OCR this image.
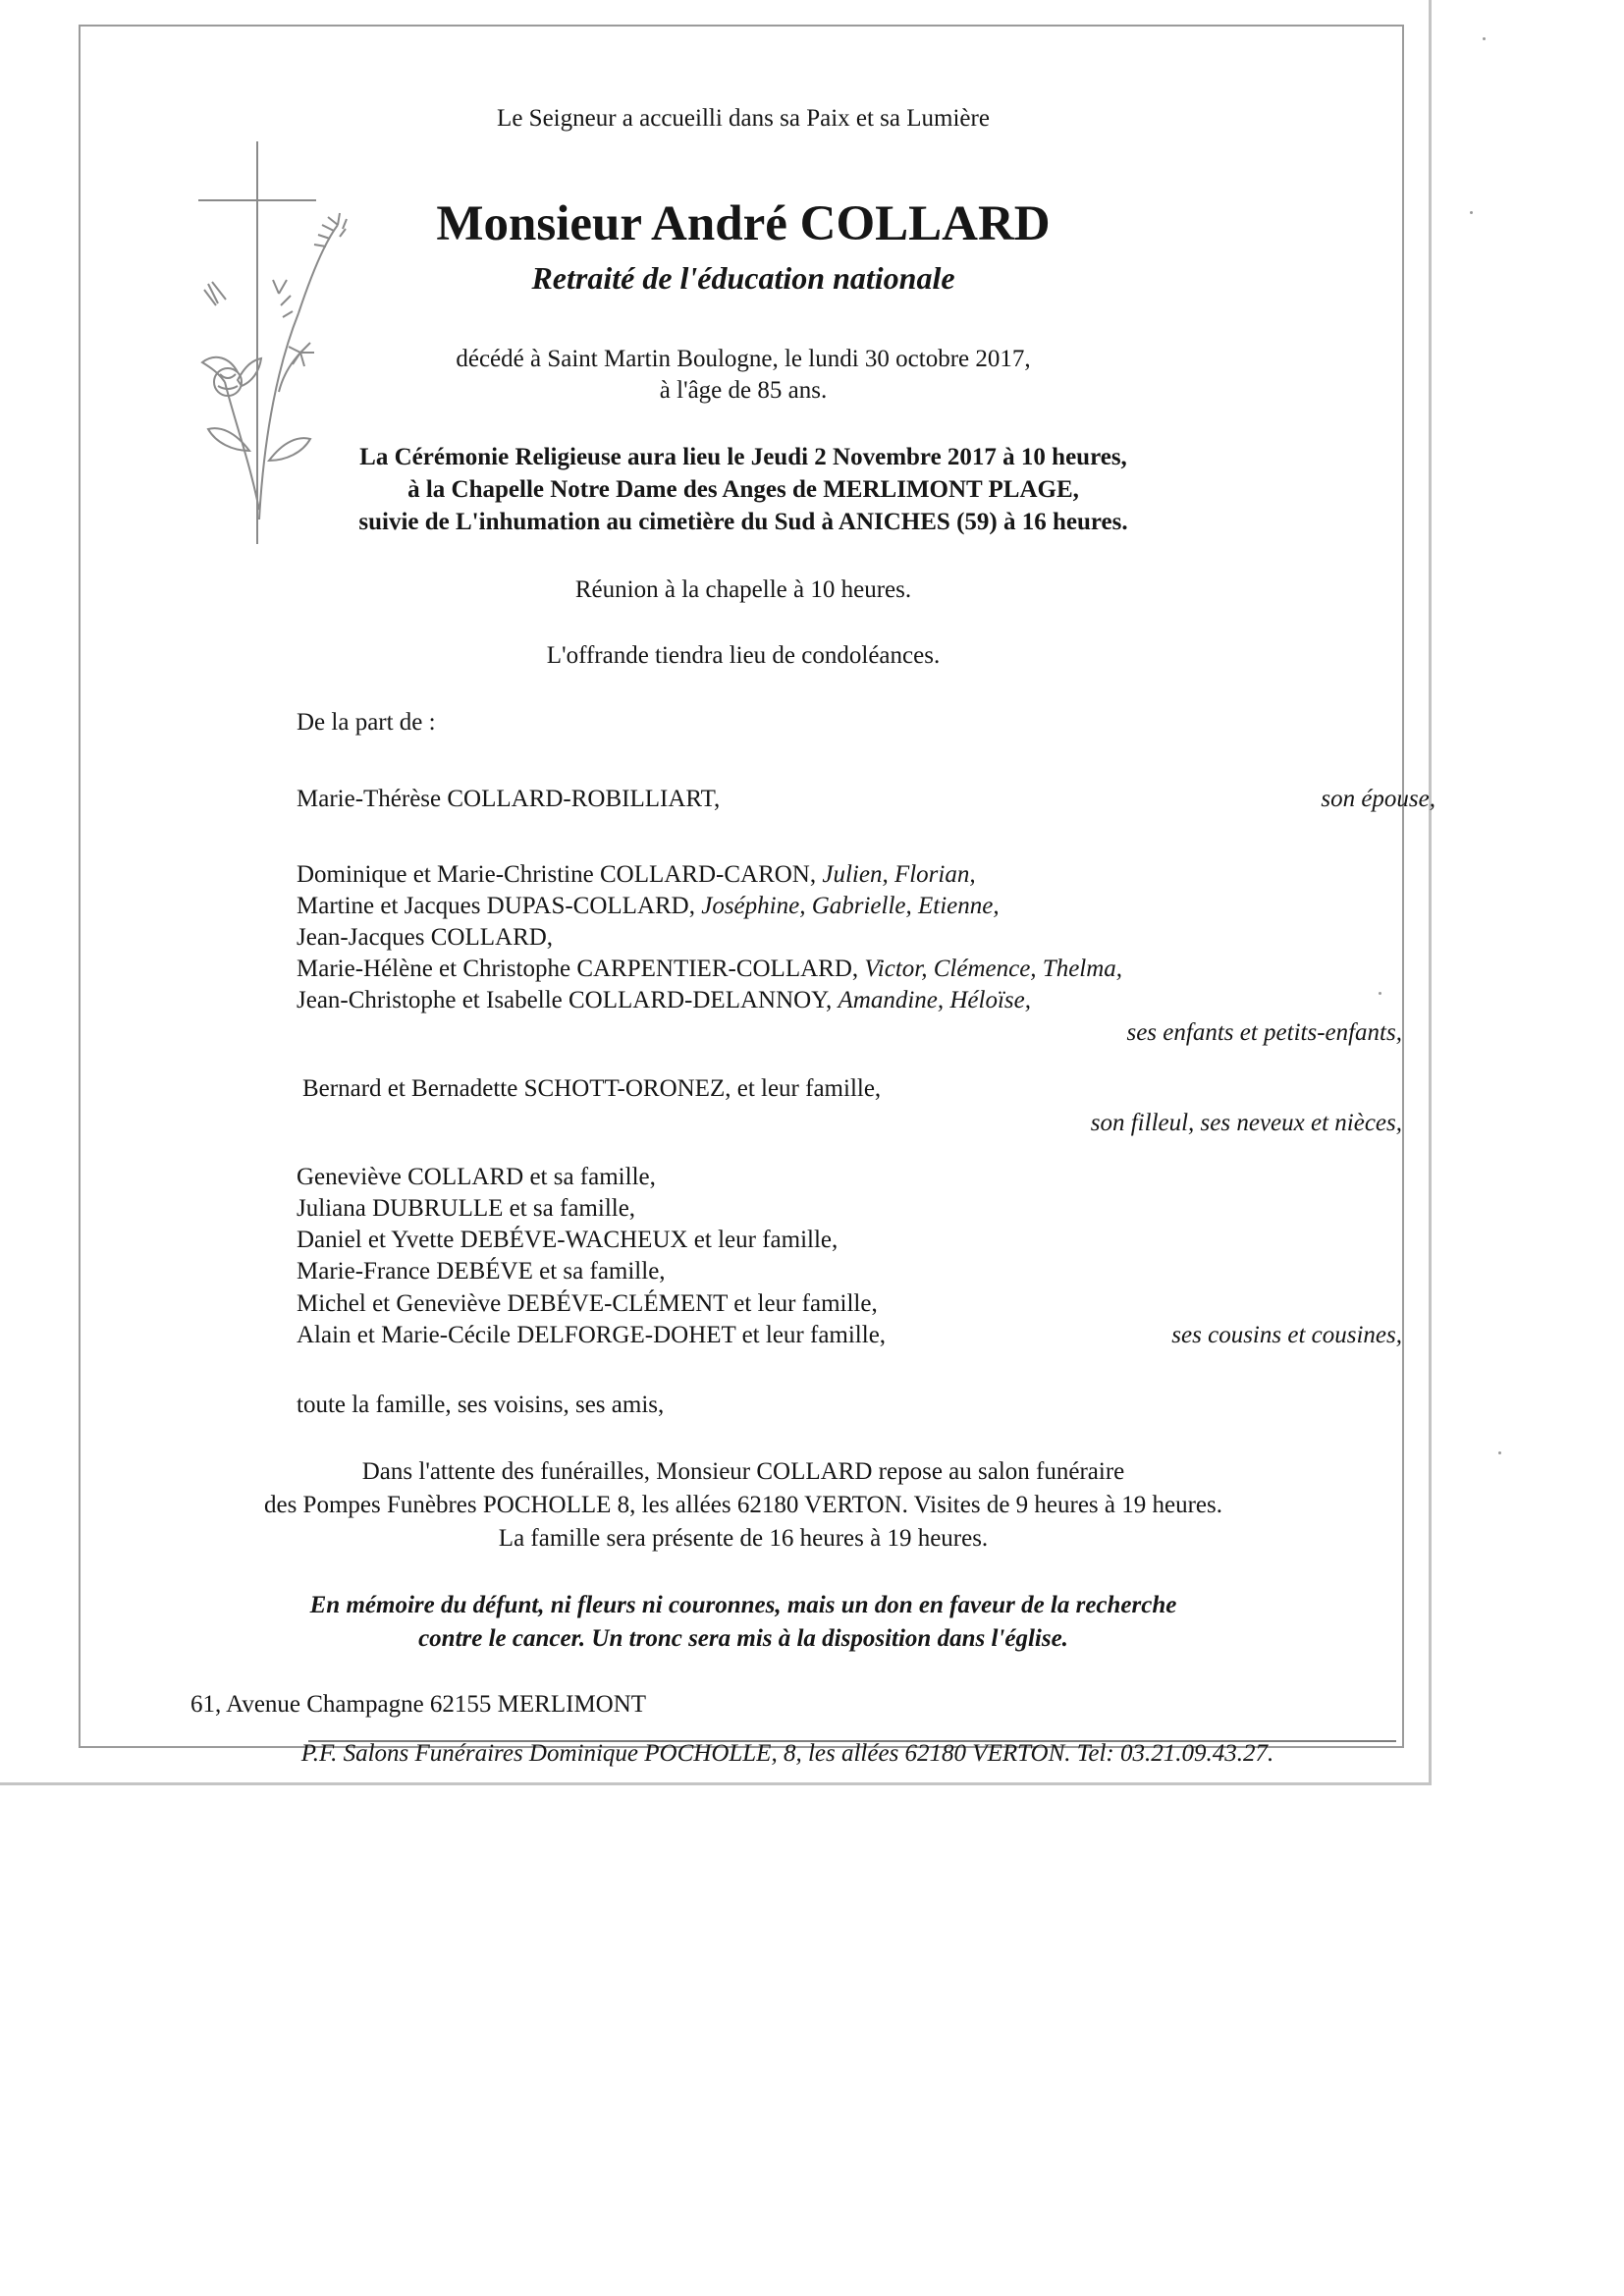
Le Seigneur a accueilli dans sa Paix et sa Lumière
Monsieur André COLLARD
Retraité de l'éducation nationale
décédé à Saint Martin Boulogne, le lundi 30 octobre 2017,
à l'âge de 85 ans.
La Cérémonie Religieuse aura lieu le Jeudi 2 Novembre 2017 à 10 heures,
à la Chapelle Notre Dame des Anges de MERLIMONT PLAGE,
suivie de L'inhumation au cimetière du Sud à ANICHES (59) à 16 heures.
Réunion à la chapelle à 10 heures.
L'offrande tiendra lieu de condoléances.
De la part de :
Marie-Thérèse COLLARD-ROBILLIART,	son épouse,
Dominique et Marie-Christine COLLARD-CARON, Julien, Florian,
Martine et Jacques DUPAS-COLLARD, Joséphine, Gabrielle, Etienne,
Jean-Jacques COLLARD,
Marie-Hélène et Christophe CARPENTIER-COLLARD, Victor, Clémence, Thelma,
Jean-Christophe et Isabelle COLLARD-DELANNOY, Amandine, Héloïse,
ses enfants et petits-enfants,
Bernard et Bernadette SCHOTT-ORONEZ, et leur famille,
son filleul, ses neveux et nièces,
Geneviève COLLARD et sa famille,
Juliana DUBRULLE et sa famille,
Daniel et Yvette DEBÉVE-WACHEUX et leur famille,
Marie-France DEBÉVE et sa famille,
Michel et Geneviève DEBÉVE-CLÉMENT et leur famille,
Alain et Marie-Cécile DELFORGE-DOHET et leur famille,	ses cousins et cousines,
toute la famille, ses voisins, ses amis,
Dans l'attente des funérailles, Monsieur COLLARD repose au salon funéraire
des Pompes Funèbres POCHOLLE 8, les allées 62180 VERTON. Visites de 9 heures à 19 heures.
La famille sera présente de 16 heures à 19 heures.
En mémoire du défunt, ni fleurs ni couronnes, mais un don en faveur de la recherche
contre le cancer. Un tronc sera mis à la disposition dans l'église.
61, Avenue Champagne 62155 MERLIMONT
P.F. Salons Funéraires Dominique POCHOLLE, 8, les allées 62180 VERTON. Tel: 03.21.09.43.27.
